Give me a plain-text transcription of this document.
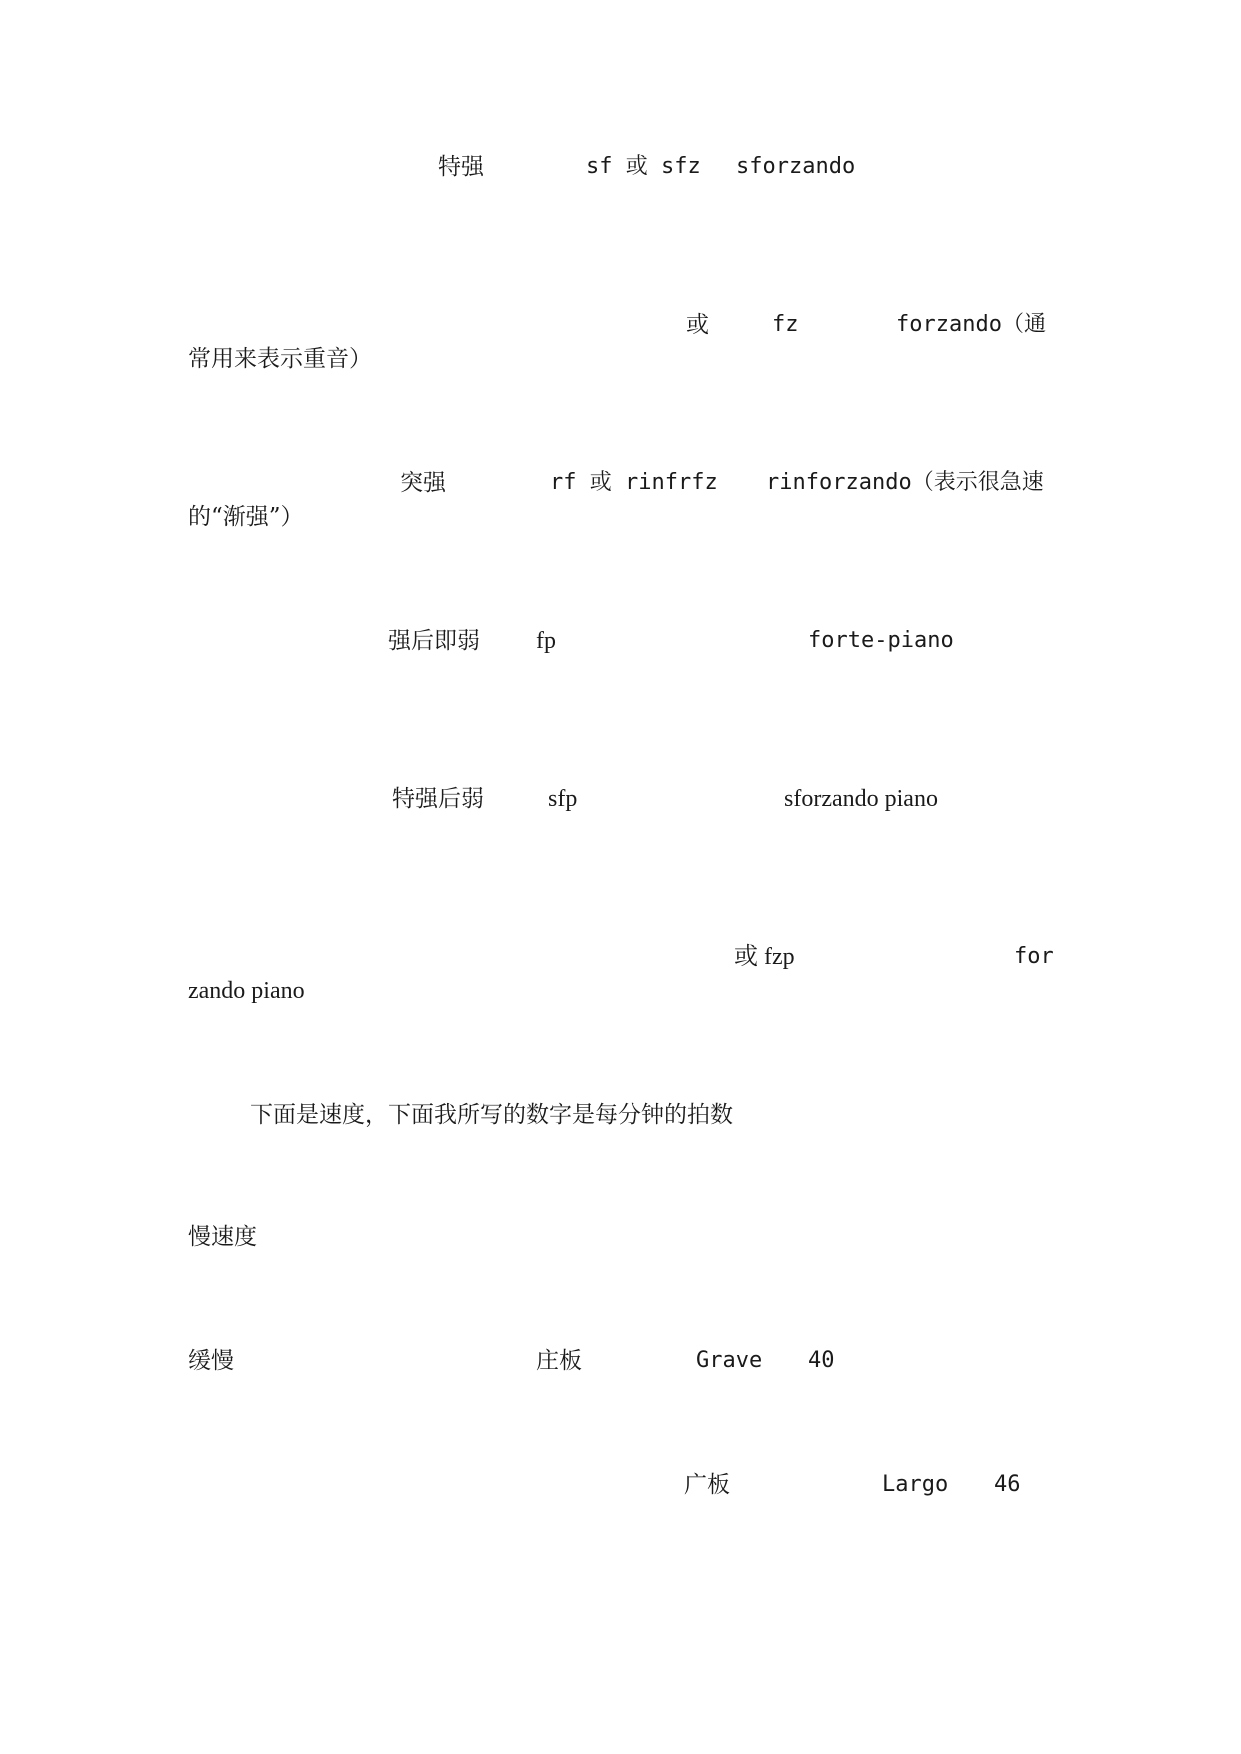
特强	sf 或 sfz sforzando
或	fz	forzando（通
常用来表示重音）
突强	rf 或 rinfrfz rinforzando（表示很急速
的“渐强”）
强后即弱 fp	forte-piano
特强后弱	sfp	sforzando piano
或 fzp	for
zando piano
下面是速度，下面我所写的数字是每分钟的拍数
慢速度
缓慢	庄板	Grave 40
广板	Largo 46
